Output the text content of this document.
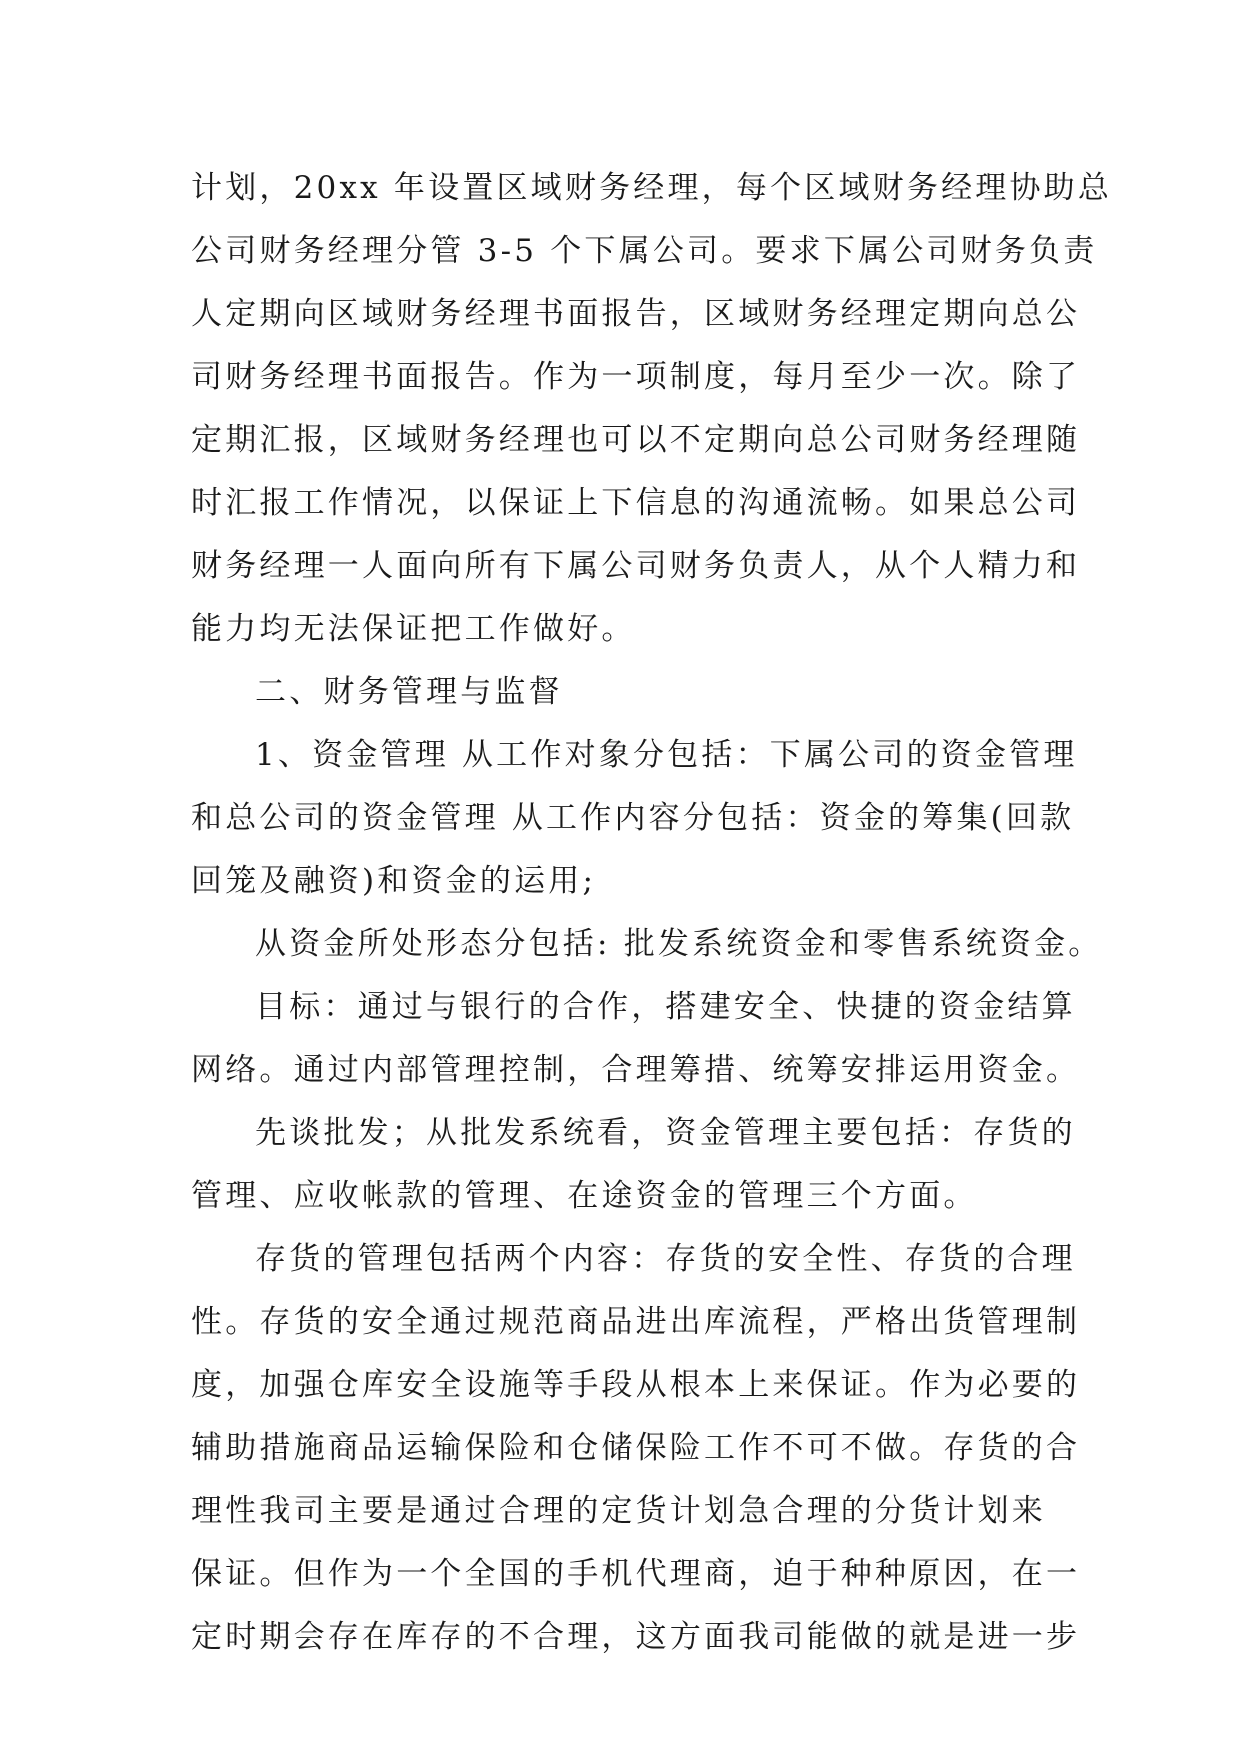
计划，20xx 年设置区域财务经理，每个区域财务经理协助总
公司财务经理分管 3-5 个下属公司。要求下属公司财务负责
人定期向区域财务经理书面报告，区域财务经理定期向总公
司财务经理书面报告。作为一项制度，每月至少一次。除了
定期汇报，区域财务经理也可以不定期向总公司财务经理随
时汇报工作情况，以保证上下信息的沟通流畅。如果总公司
财务经理一人面向所有下属公司财务负责人，从个人精力和
能力均无法保证把工作做好。
二、财务管理与监督
1、资金管理 从工作对象分包括：下属公司的资金管理
和总公司的资金管理 从工作内容分包括：资金的筹集(回款
回笼及融资)和资金的运用;
从资金所处形态分包括: 批发系统资金和零售系统资金。
目标：通过与银行的合作，搭建安全、快捷的资金结算
网络。通过内部管理控制，合理筹措、统筹安排运用资金。
先谈批发；从批发系统看，资金管理主要包括：存货的
管理、应收帐款的管理、在途资金的管理三个方面。
存货的管理包括两个内容：存货的安全性、存货的合理
性。存货的安全通过规范商品进出库流程，严格出货管理制
度，加强仓库安全设施等手段从根本上来保证。作为必要的
辅助措施商品运输保险和仓储保险工作不可不做。存货的合
理性我司主要是通过合理的定货计划急合理的分货计划来
保证。但作为一个全国的手机代理商，迫于种种原因，在一
定时期会存在库存的不合理，这方面我司能做的就是进一步
